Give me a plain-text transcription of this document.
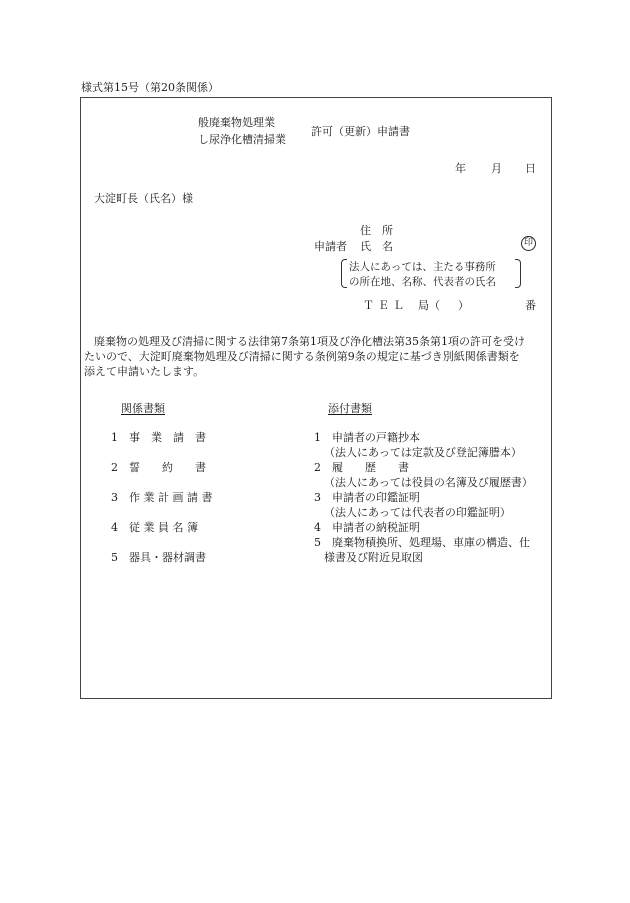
様式第15号（第20条関係）
般廃棄物処理業
し尿浄化槽清掃業
許可（更新）申請書
年 月 日
大淀町長（氏名）様
住　所
申請者 氏　名	印
法人にあっては、主たる事務所
の所在地、名称、代表者の氏名
ＴＥＬ 局（ ）	番
廃棄物の処理及び清掃に関する法律第7条第1項及び浄化槽法第35条第1項の許可を受け
たいので、大淀町廃棄物処理及び清掃に関する条例第9条の規定に基づき別紙関係書類を
添えて申請いたします。
関係書類
1　事　業　請　書
2　誓　　約　　書
3　作 業 計 画 請 書
4　従 業 員 名 簿
5　器具・器材調書
添付書類
1　申請者の戸籍抄本
（法人にあっては定款及び登記簿謄本）
2　履　　歴　　書
（法人にあっては役員の名簿及び履歴書）
3　申請者の印鑑証明
（法人にあっては代表者の印鑑証明）
4　申請者の納税証明
5　廃棄物積換所、処理場、車庫の構造、仕
様書及び附近見取図
